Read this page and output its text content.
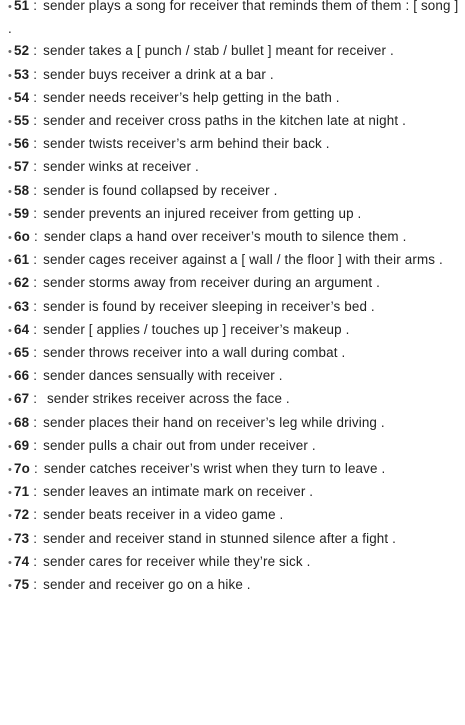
• 51 : sender plays a song for receiver that reminds them of them : [ song ] .
• 52 : sender takes a [ punch / stab / bullet ] meant for receiver .
• 53 : sender buys receiver a drink at a bar .
• 54 : sender needs receiver’s help getting in the bath .
• 55 : sender and receiver cross paths in the kitchen late at night .
• 56 : sender twists receiver’s arm behind their back .
• 57 : sender winks at receiver .
• 58 : sender is found collapsed by receiver .
• 59 : sender prevents an injured receiver from getting up .
• 6o : sender claps a hand over receiver’s mouth to silence them .
• 61 : sender cages receiver against a [ wall / the floor ] with their arms .
• 62 : sender storms away from receiver during an argument .
• 63 : sender is found by receiver sleeping in receiver’s bed .
• 64 : sender [ applies / touches up ] receiver’s makeup .
• 65 : sender throws receiver into a wall during combat .
• 66 : sender dances sensually with receiver .
• 67 : sender strikes receiver across the face .
• 68 : sender places their hand on receiver’s leg while driving .
• 69 : sender pulls a chair out from under receiver .
• 7o : sender catches receiver’s wrist when they turn to leave .
• 71 : sender leaves an intimate mark on receiver .
• 72 : sender beats receiver in a video game .
• 73 : sender and receiver stand in stunned silence after a fight .
• 74 : sender cares for receiver while they’re sick .
• 75 : sender and receiver go on a hike .
